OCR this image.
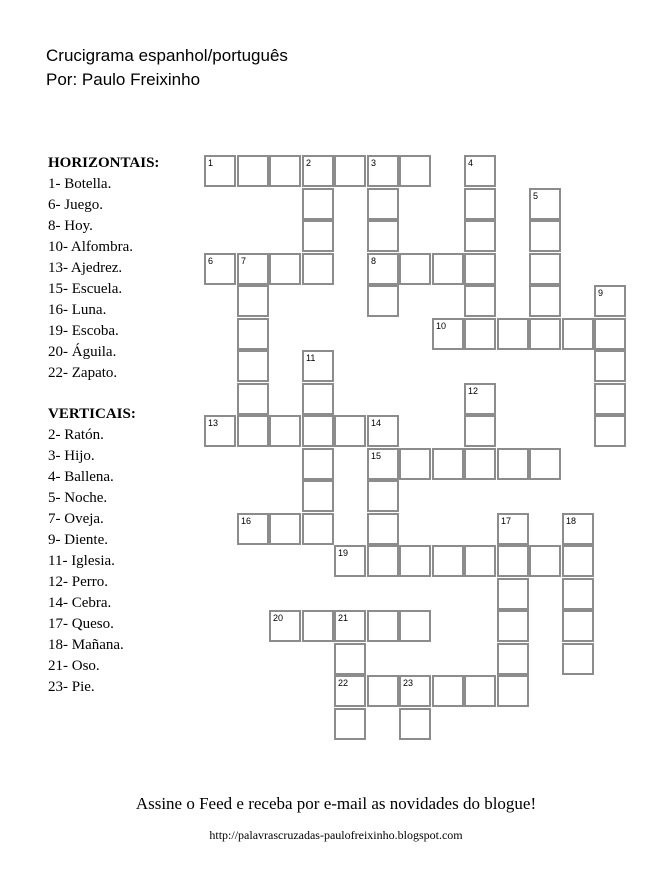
Crucigrama espanhol/português
Por: Paulo Freixinho
HORIZONTAIS:
1- Botella.
6- Juego.
8- Hoy.
10- Alfombra.
13- Ajedrez.
15- Escuela.
16- Luna.
19- Escoba.
20- Águila.
22- Zapato.
VERTICAIS:
2- Ratón.
3- Hijo.
4- Ballena.
5- Noche.
7- Oveja.
9- Diente.
11- Iglesia.
12- Perro.
14- Cebra.
17- Queso.
18- Mañana.
21- Oso.
23- Pie.
1	2	3
6	7	8
10
13	14
15
16
19
20	21
22	23
4
5
9
11
12
17	18
Assine o Feed e receba por e-mail as novidades do blogue!
http://palavrascruzadas-paulofreixinho.blogspot.com
